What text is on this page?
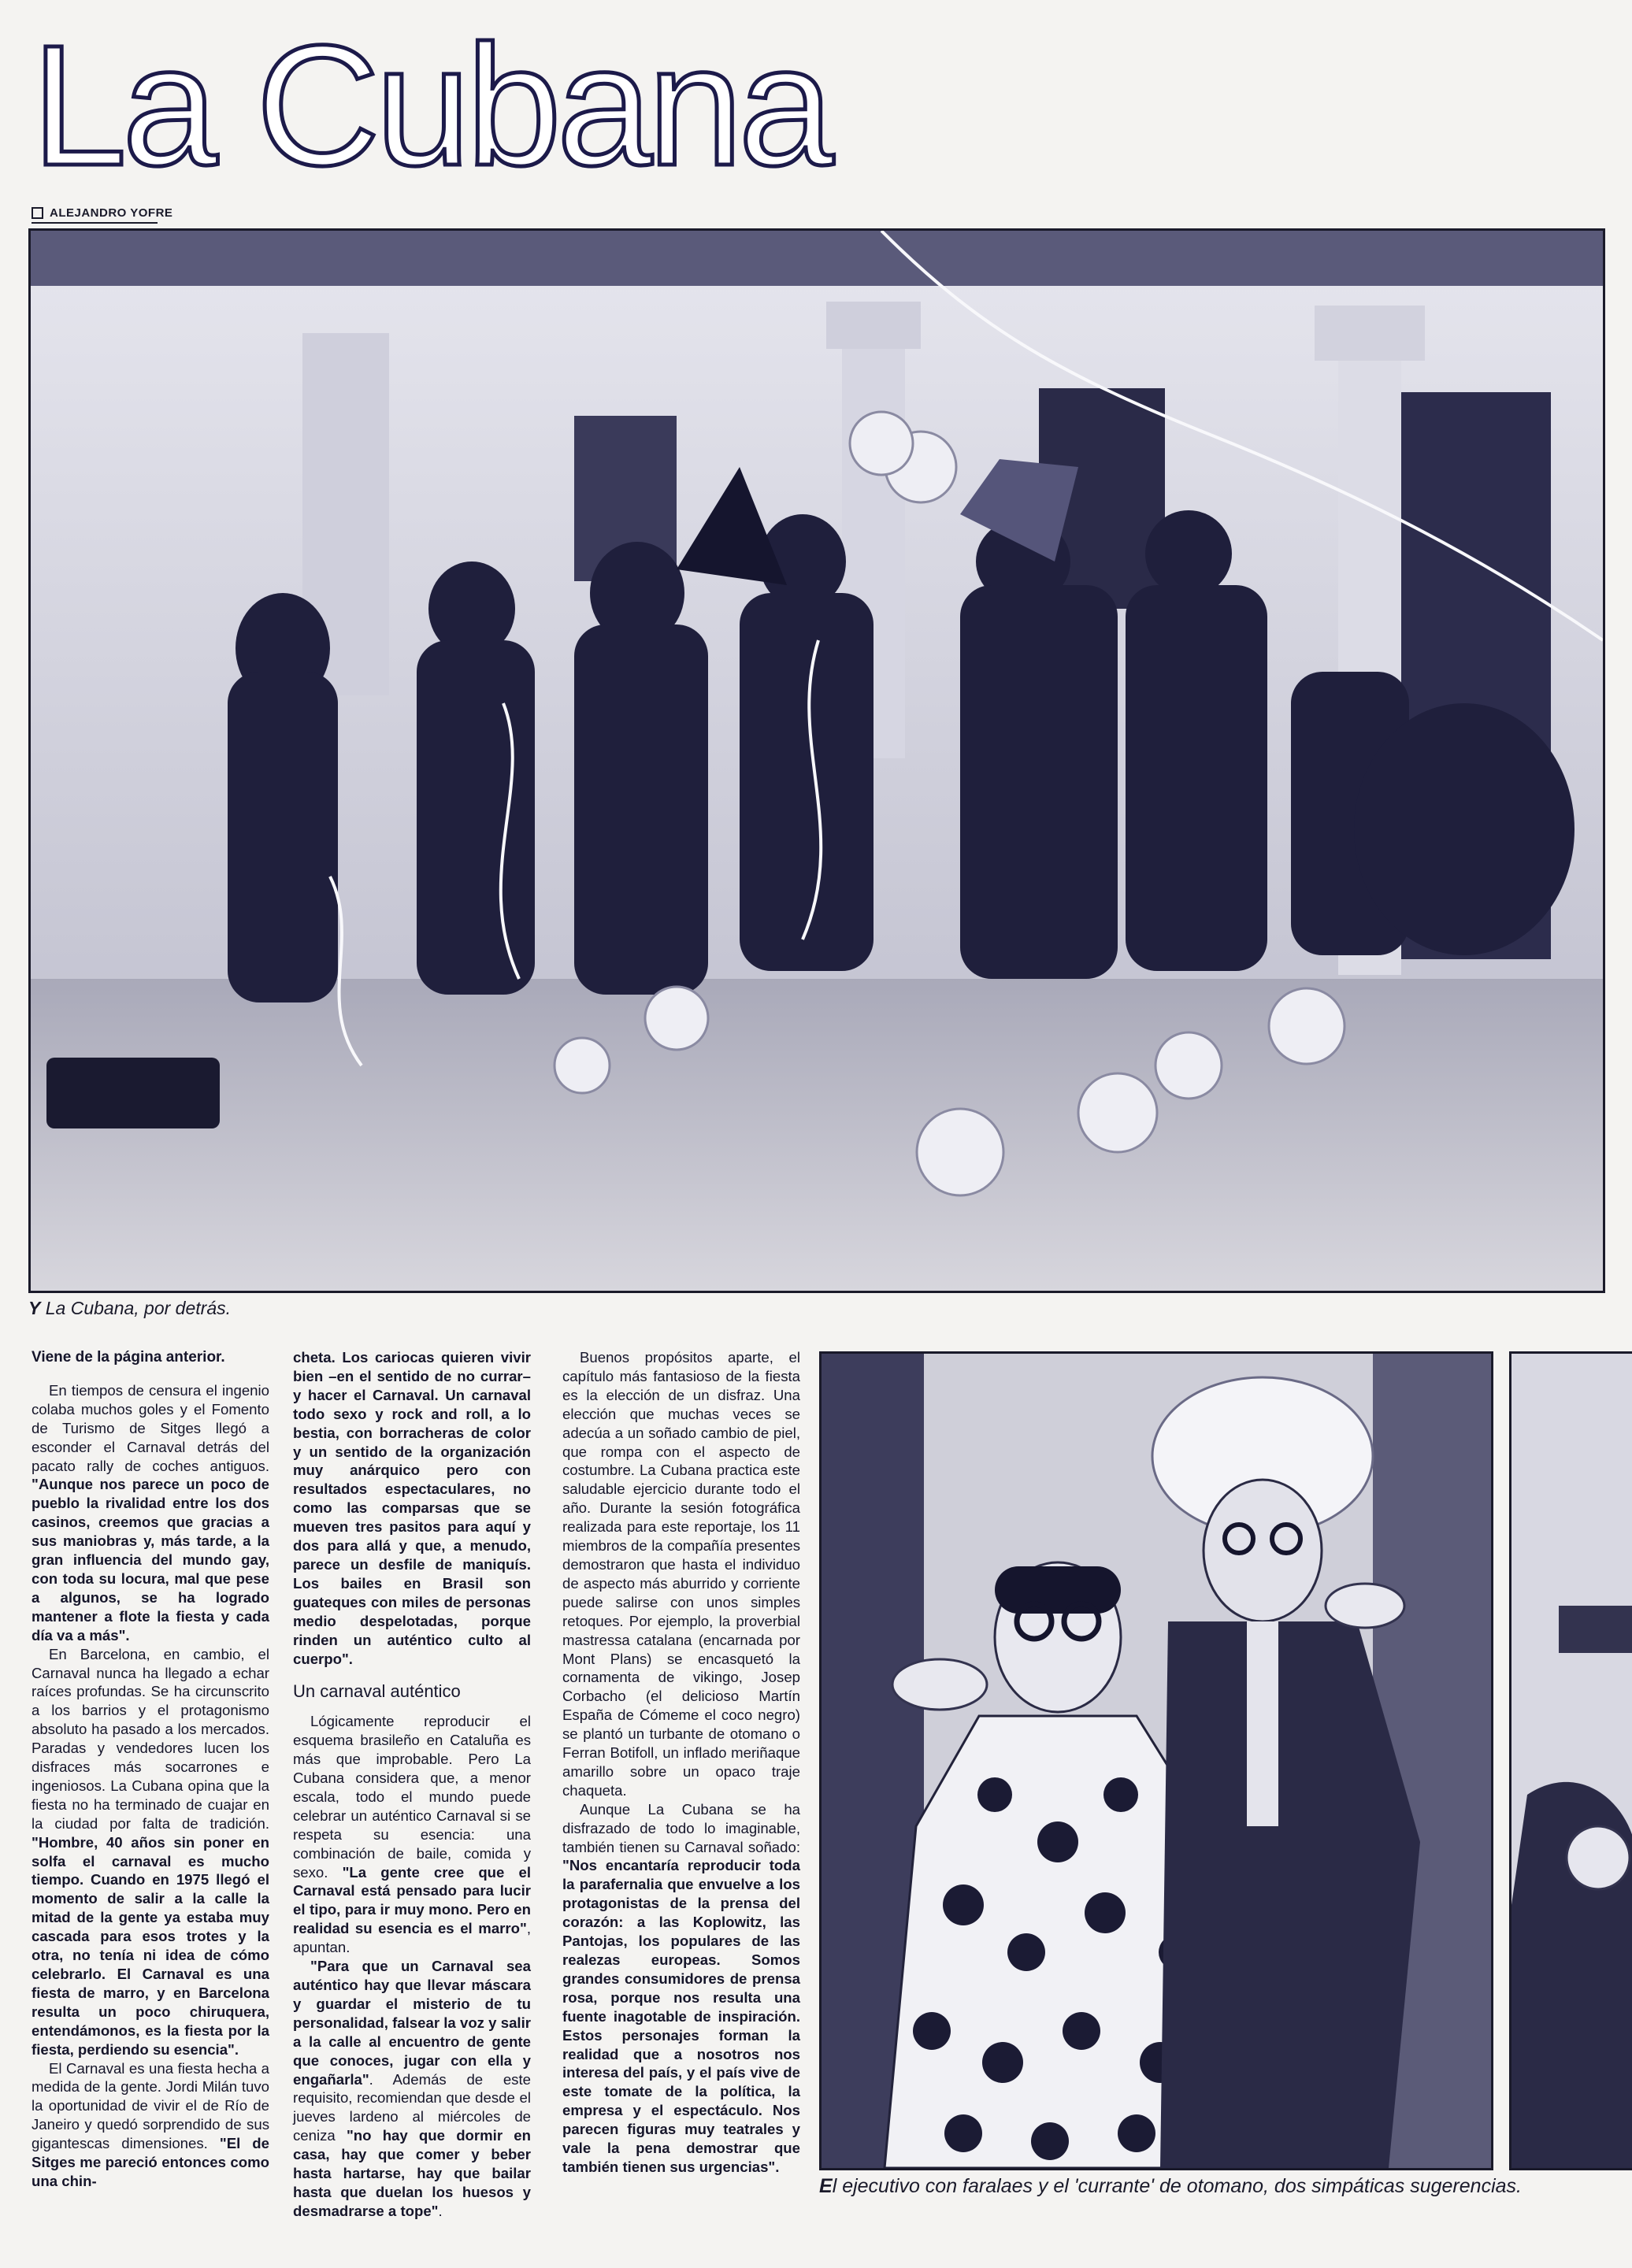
La Cubana
ALEJANDRO YOFRE
Y La Cubana, por detrás.
El ejecutivo con faralaes y el 'currante' de otomano, dos simpáticas sugerencias.

Viene de la página anterior.

En tiempos de censura el ingenio colaba muchos goles y el Fomento de Turismo de Sitges llegó a esconder el Carnaval detrás del pacato rally de coches antiguos. "Aunque nos parece un poco de pueblo la rivalidad entre los dos casinos, creemos que gracias a sus maniobras y, más tarde, a la gran influencia del mundo gay, con toda su locura, mal que pese a algunos, se ha logrado mantener a flote la fiesta y cada día va a más".

En Barcelona, en cambio, el Carnaval nunca ha llegado a echar raíces profundas. Se ha circunscrito a los barrios y el protagonismo absoluto ha pasado a los mercados. Paradas y vendedores lucen los disfraces más socarrones e ingeniosos. La Cubana opina que la fiesta no ha terminado de cuajar en la ciudad por falta de tradición. "Hombre, 40 años sin poner en solfa el carnaval es mucho tiempo. Cuando en 1975 llegó el momento de salir a la calle la mitad de la gente ya estaba muy cascada para esos trotes y la otra, no tenía ni idea de cómo celebrarlo. El Carnaval es una fiesta de marro, y en Barcelona resulta un poco chiruquera, entendámonos, es la fiesta por la fiesta, perdiendo su esencia".

El Carnaval es una fiesta hecha a medida de la gente. Jordi Milán tuvo la oportunidad de vivir el de Río de Janeiro y quedó sorprendido de sus gigantescas dimensiones. "El de Sitges me pareció entonces como una chin-

cheta. Los cariocas quieren vivir bien –en el sentido de no currar– y hacer el Carnaval. Un carnaval todo sexo y rock and roll, a lo bestia, con borracheras de color y un sentido de la organización muy anárquico pero con resultados espectaculares, no como las comparsas que se mueven tres pasitos para aquí y dos para allá y que, a menudo, parece un desfile de maniquís. Los bailes en Brasil son guateques con miles de personas medio despelotadas, porque rinden un auténtico culto al cuerpo".

Un carnaval auténtico

Lógicamente reproducir el esquema brasileño en Cataluña es más que improbable. Pero La Cubana considera que, a menor escala, todo el mundo puede celebrar un auténtico Carnaval si se respeta su esencia: una combinación de baile, comida y sexo. "La gente cree que el Carnaval está pensado para lucir el tipo, para ir muy mono. Pero en realidad su esencia es el marro", apuntan.

"Para que un Carnaval sea auténtico hay que llevar máscara y guardar el misterio de tu personalidad, falsear la voz y salir a la calle al encuentro de gente que conoces, jugar con ella y engañarla". Además de este requisito, recomiendan que desde el jueves lardeno al miércoles de ceniza "no hay que dormir en casa, hay que comer y beber hasta hartarse, hay que bailar hasta que duelan los huesos y desmadrarse a tope".

Buenos propósitos aparte, el capítulo más fantasioso de la fiesta es la elección de un disfraz. Una elección que muchas veces se adecúa a un soñado cambio de piel, que rompa con el aspecto de costumbre. La Cubana practica este saludable ejercicio durante todo el año. Durante la sesión fotográfica realizada para este reportaje, los 11 miembros de la compañía presentes demostraron que hasta el individuo de aspecto más aburrido y corriente puede salirse con unos simples retoques. Por ejemplo, la proverbial mastressa catalana (encarnada por Mont Plans) se encasquetó la cornamenta de vikingo, Josep Corbacho (el delicioso Martín España de Cómeme el coco negro) se plantó un turbante de otomano o Ferran Botifoll, un inflado meriñaque amarillo sobre un opaco traje chaqueta.

Aunque La Cubana se ha disfrazado de todo lo imaginable, también tienen su Carnaval soñado: "Nos encantaría reproducir toda la parafernalia que envuelve a los protagonistas de la prensa del corazón: a las Koplowitz, las Pantojas, los populares de las realezas europeas. Somos grandes consumidores de prensa rosa, porque nos resulta una fuente inagotable de inspiración. Estos personajes forman la realidad que a nosotros nos interesa del país, y el país vive de este tomate de la política, la empresa y el espectáculo. Nos parecen figuras muy teatrales y vale la pena demostrar que también tienen sus urgencias".
